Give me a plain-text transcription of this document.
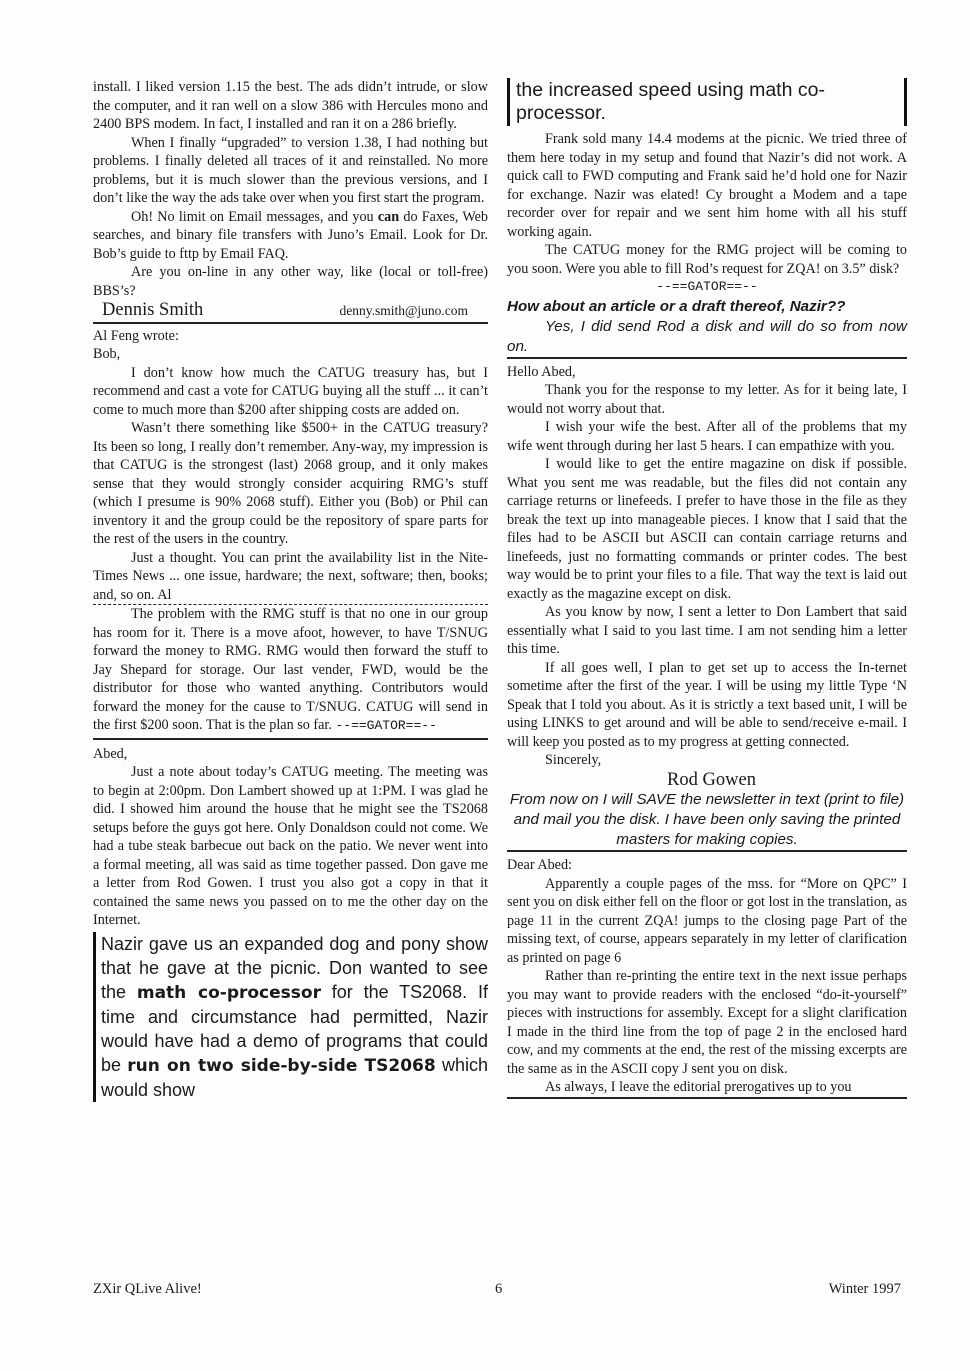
install. I liked version 1.15 the best. The ads didn’t intrude, or slow the computer, and it ran well on a slow 386 with Hercules mono and 2400 BPS modem. In fact, I installed and ran it on a 286 briefly.

When I finally “upgraded” to version 1.38, I had nothing but problems. I finally deleted all traces of it and reinstalled. No more problems, but it is much slower than the previous versions, and I don’t like the way the ads take over when you first start the program.

Oh! No limit on Email messages, and you can do Faxes, Web searches, and binary file transfers with Juno’s Email. Look for Dr. Bob’s guide to fttp by Email FAQ.

Are you on-line in any other way, like (local or toll-free) BBS’s?

Dennis Smith	denny.smith@juno.com

Al Feng wrote:

Bob,

I don’t know how much the CATUG treasury has, but I recommend and cast a vote for CATUG buying all the stuff ... it can’t come to much more than $200 after shipping costs are added on.

Wasn’t there something like $500+ in the CATUG treasury? Its been so long, I really don’t remember. Any-way, my impression is that CATUG is the strongest (last) 2068 group, and it only makes sense that they would strongly consider acquiring RMG’s stuff (which I presume is 90% 2068 stuff). Either you (Bob) or Phil can inventory it and the group could be the repository of spare parts for the rest of the users in the country.

Just a thought. You can print the availability list in the Nite-Times News ... one issue, hardware; the next, software; then, books; and, so on. Al

The problem with the RMG stuff is that no one in our group has room for it. There is a move afoot, however, to have T/SNUG forward the money to RMG. RMG would then forward the stuff to Jay Shepard for storage. Our last vender, FWD, would be the distributor for those who wanted anything. Contributors would forward the money for the cause to T/SNUG. CATUG will send in the first $200 soon. That is the plan so far. --==GATOR==--

Abed,

Just a note about today’s CATUG meeting. The meeting was to begin at 2:00pm. Don Lambert showed up at 1:PM. I was glad he did. I showed him around the house that he might see the TS2068 setups before the guys got here. Only Donaldson could not come. We had a tube steak barbecue out back on the patio. We never went into a formal meeting, all was said as time together passed. Don gave me a letter from Rod Gowen. I trust you also got a copy in that it contained the same news you passed on to me the other day on the Internet.

Nazir gave us an expanded dog and pony show that he gave at the picnic. Don wanted to see the math co-processor for the TS2068. If time and circumstance had permitted, Nazir would have had a demo of programs that could be run on two side-by-side TS2068 which would show
the increased speed using math co-processor.

Frank sold many 14.4 modems at the picnic. We tried three of them here today in my setup and found that Nazir’s did not work. A quick call to FWD computing and Frank said he’d hold one for Nazir for exchange. Nazir was elated! Cy brought a Modem and a tape recorder over for repair and we sent him home with all his stuff working again.

The CATUG money for the RMG project will be coming to you soon. Were you able to fill Rod’s request for ZQA! on 3.5” disk?

--==GATOR==--

How about an article or a draft thereof, Nazir??

Yes, I did send Rod a disk and will do so from now on.

Hello Abed,

Thank you for the response to my letter. As for it being late, I would not worry about that.

I wish your wife the best. After all of the problems that my wife went through during her last 5 hears. I can empathize with you.

I would like to get the entire magazine on disk if possible. What you sent me was readable, but the files did not contain any carriage returns or linefeeds. I prefer to have those in the file as they break the text up into manageable pieces. I know that I said that the files had to be ASCII but ASCII can contain carriage returns and linefeeds, just no formatting commands or printer codes. The best way would be to print your files to a file. That way the text is laid out exactly as the magazine except on disk.

As you know by now, I sent a letter to Don Lambert that said essentially what I said to you last time. I am not sending him a letter this time.

If all goes well, I plan to get set up to access the In-ternet sometime after the first of the year. I will be using my little Type ‘N Speak that I told you about. As it is strictly a text based unit, I will be using LINKS to get around and will be able to send/receive e-mail. I will keep you posted as to my progress at getting connected.

Sincerely,

Rod Gowen

From now on I will SAVE the newsletter in text (print to file) and mail you the disk. I have been only saving the printed masters for making copies.

Dear Abed:

Apparently a couple pages of the mss. for “More on QPC” I sent you on disk either fell on the floor or got lost in the translation, as page 11 in the current ZQA! jumps to the closing page Part of the missing text, of course, appears separately in my letter of clarification as printed on page 6

Rather than re-printing the entire text in the next issue perhaps you may want to provide readers with the enclosed “do-it-yourself” pieces with instructions for assembly. Except for a slight clarification I made in the third line from the top of page 2 in the enclosed hard cow, and my comments at the end, the rest of the missing excerpts are the same as in the ASCII copy J sent you on disk.

As always, I leave the editorial prerogatives up to you

ZXir QLive Alive!	6	Winter 1997
